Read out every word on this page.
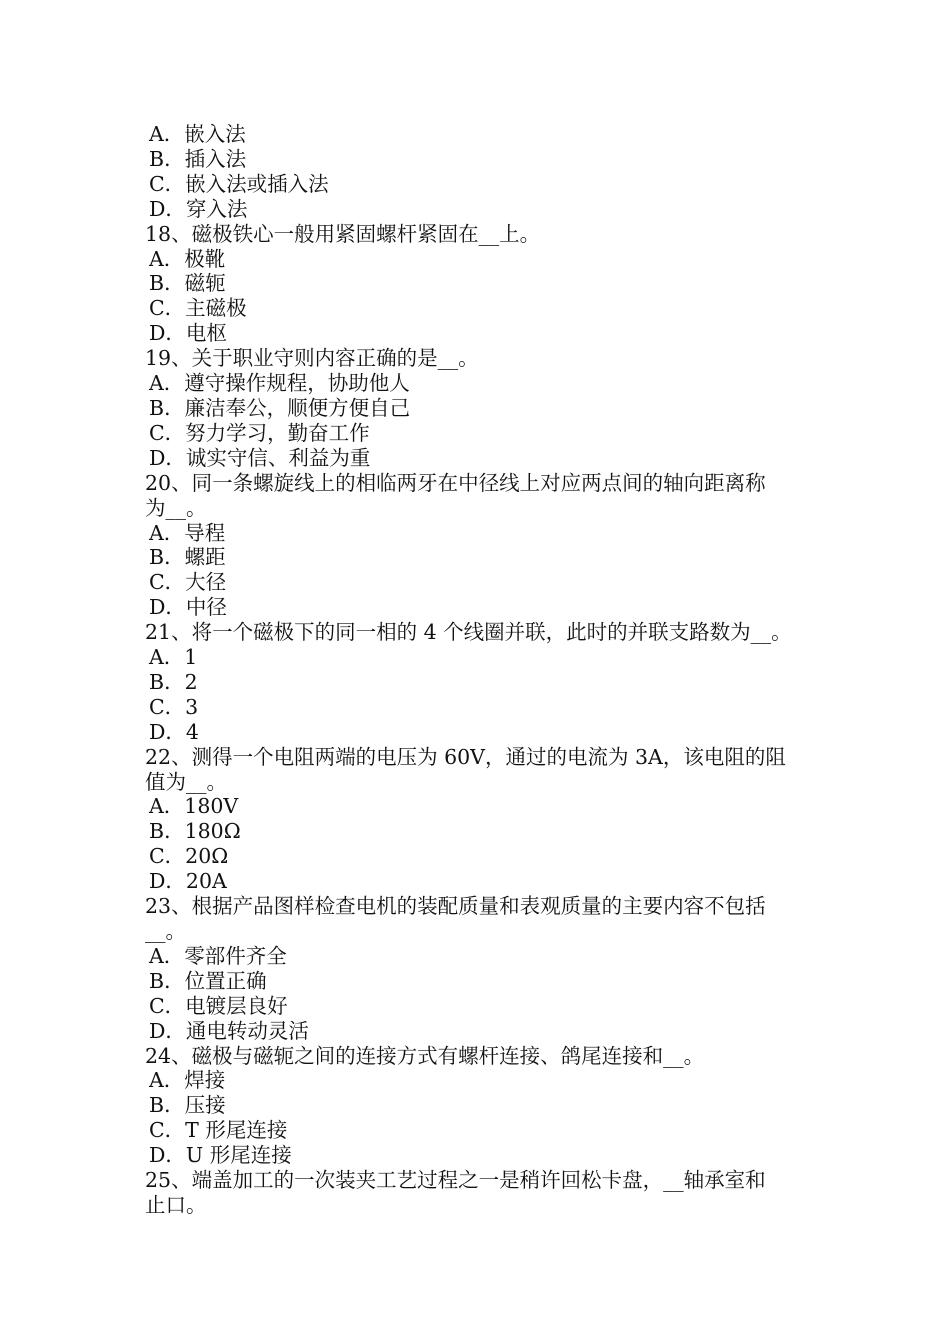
A．嵌入法
B．插入法
C．嵌入法或插入法
D．穿入法
18、磁极铁心一般用紧固螺杆紧固在__上。
A．极靴
B．磁轭
C．主磁极
D．电枢
19、关于职业守则内容正确的是__。
A．遵守操作规程，协助他人
B．廉洁奉公，顺便方便自己
C．努力学习，勤奋工作
D．诚实守信、利益为重
20、同一条螺旋线上的相临两牙在中径线上对应两点间的轴向距离称
为__。
A．导程
B．螺距
C．大径
D．中径
21、将一个磁极下的同一相的 4 个线圈并联，此时的并联支路数为__。
A．1
B．2
C．3
D．4
22、测得一个电阻两端的电压为 60V，通过的电流为 3A，该电阻的阻
值为__。
A．180V
B．180Ω
C．20Ω
D．20A
23、根据产品图样检查电机的装配质量和表观质量的主要内容不包括
__。
A．零部件齐全
B．位置正确
C．电镀层良好
D．通电转动灵活
24、磁极与磁轭之间的连接方式有螺杆连接、鸽尾连接和__。
A．焊接
B．压接
C．T 形尾连接
D．U 形尾连接
25、端盖加工的一次装夹工艺过程之一是稍许回松卡盘，__轴承室和
止口。
